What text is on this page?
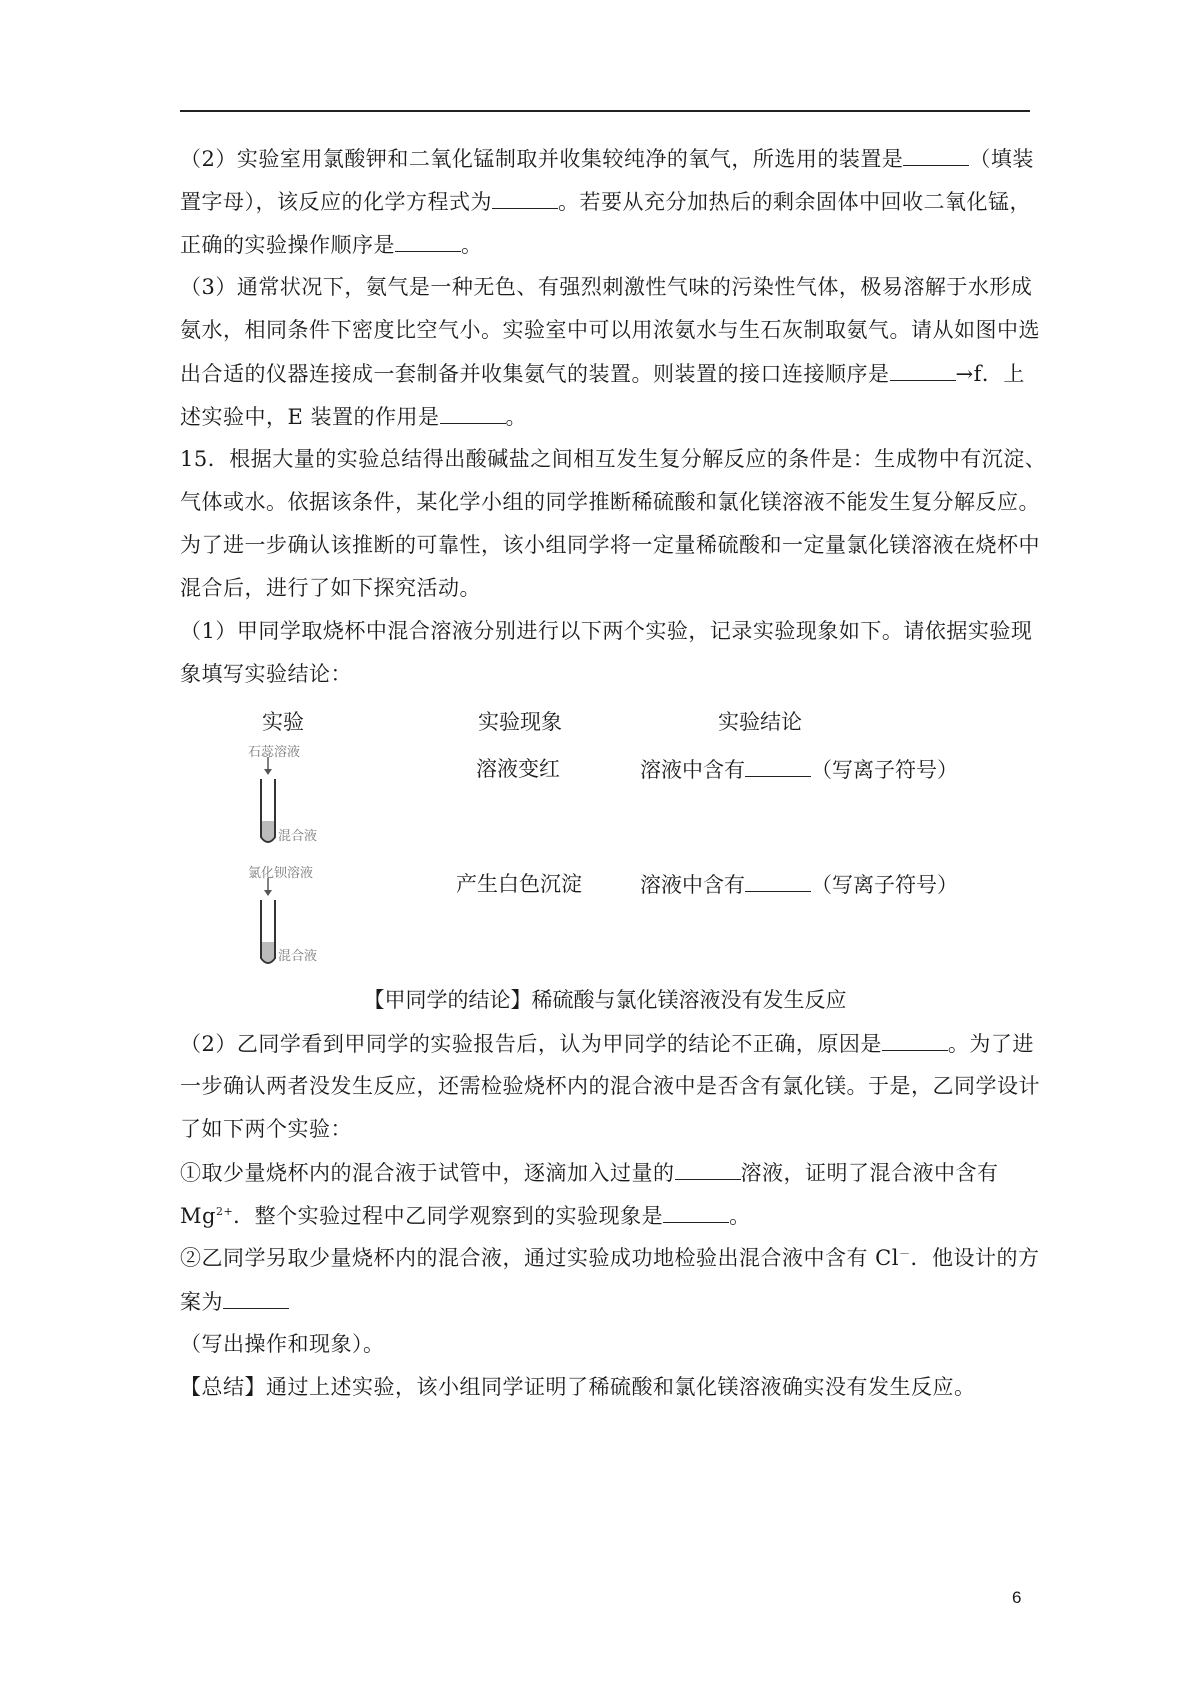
（2）实验室用氯酸钾和二氧化锰制取并收集较纯净的氧气，所选用的装置是	（填装
置字母），该反应的化学方程式为	。若要从充分加热后的剩余固体中回收二氧化锰，
正确的实验操作顺序是	。
（3）通常状况下，氨气是一种无色、有强烈刺激性气味的污染性气体，极易溶解于水形成
氨水，相同条件下密度比空气小。实验室中可以用浓氨水与生石灰制取氨气。请从如图中选
出合适的仪器连接成一套制备并收集氨气的装置。则装置的接口连接顺序是	→f．上
述实验中，E 装置的作用是	。
15．根据大量的实验总结得出酸碱盐之间相互发生复分解反应的条件是：生成物中有沉淀、
气体或水。依据该条件，某化学小组的同学推断稀硫酸和氯化镁溶液不能发生复分解反应。
为了进一步确认该推断的可靠性，该小组同学将一定量稀硫酸和一定量氯化镁溶液在烧杯中
混合后，进行了如下探究活动。
（1）甲同学取烧杯中混合溶液分别进行以下两个实验，记录实验现象如下。请依据实验现
象填写实验结论：
实验	实验现象	实验结论
石蕊溶液
混合液
溶液变红	溶液中含有	（写离子符号）
氯化钡溶液
混合液
产生白色沉淀	溶液中含有	（写离子符号）
【甲同学的结论】稀硫酸与氯化镁溶液没有发生反应
（2）乙同学看到甲同学的实验报告后，认为甲同学的结论不正确，原因是	。为了进
一步确认两者没发生反应，还需检验烧杯内的混合液中是否含有氯化镁。于是，乙同学设计
了如下两个实验：
①取少量烧杯内的混合液于试管中，逐滴加入过量的	溶液，证明了混合液中含有
$Mg^{2+}$．整个实验过程中乙同学观察到的实验现象是	。
②乙同学另取少量烧杯内的混合液，通过实验成功地检验出混合液中含有 Cl－．他设计的方
案为
（写出操作和现象）。
【总结】通过上述实验，该小组同学证明了稀硫酸和氯化镁溶液确实没有发生反应。
6
